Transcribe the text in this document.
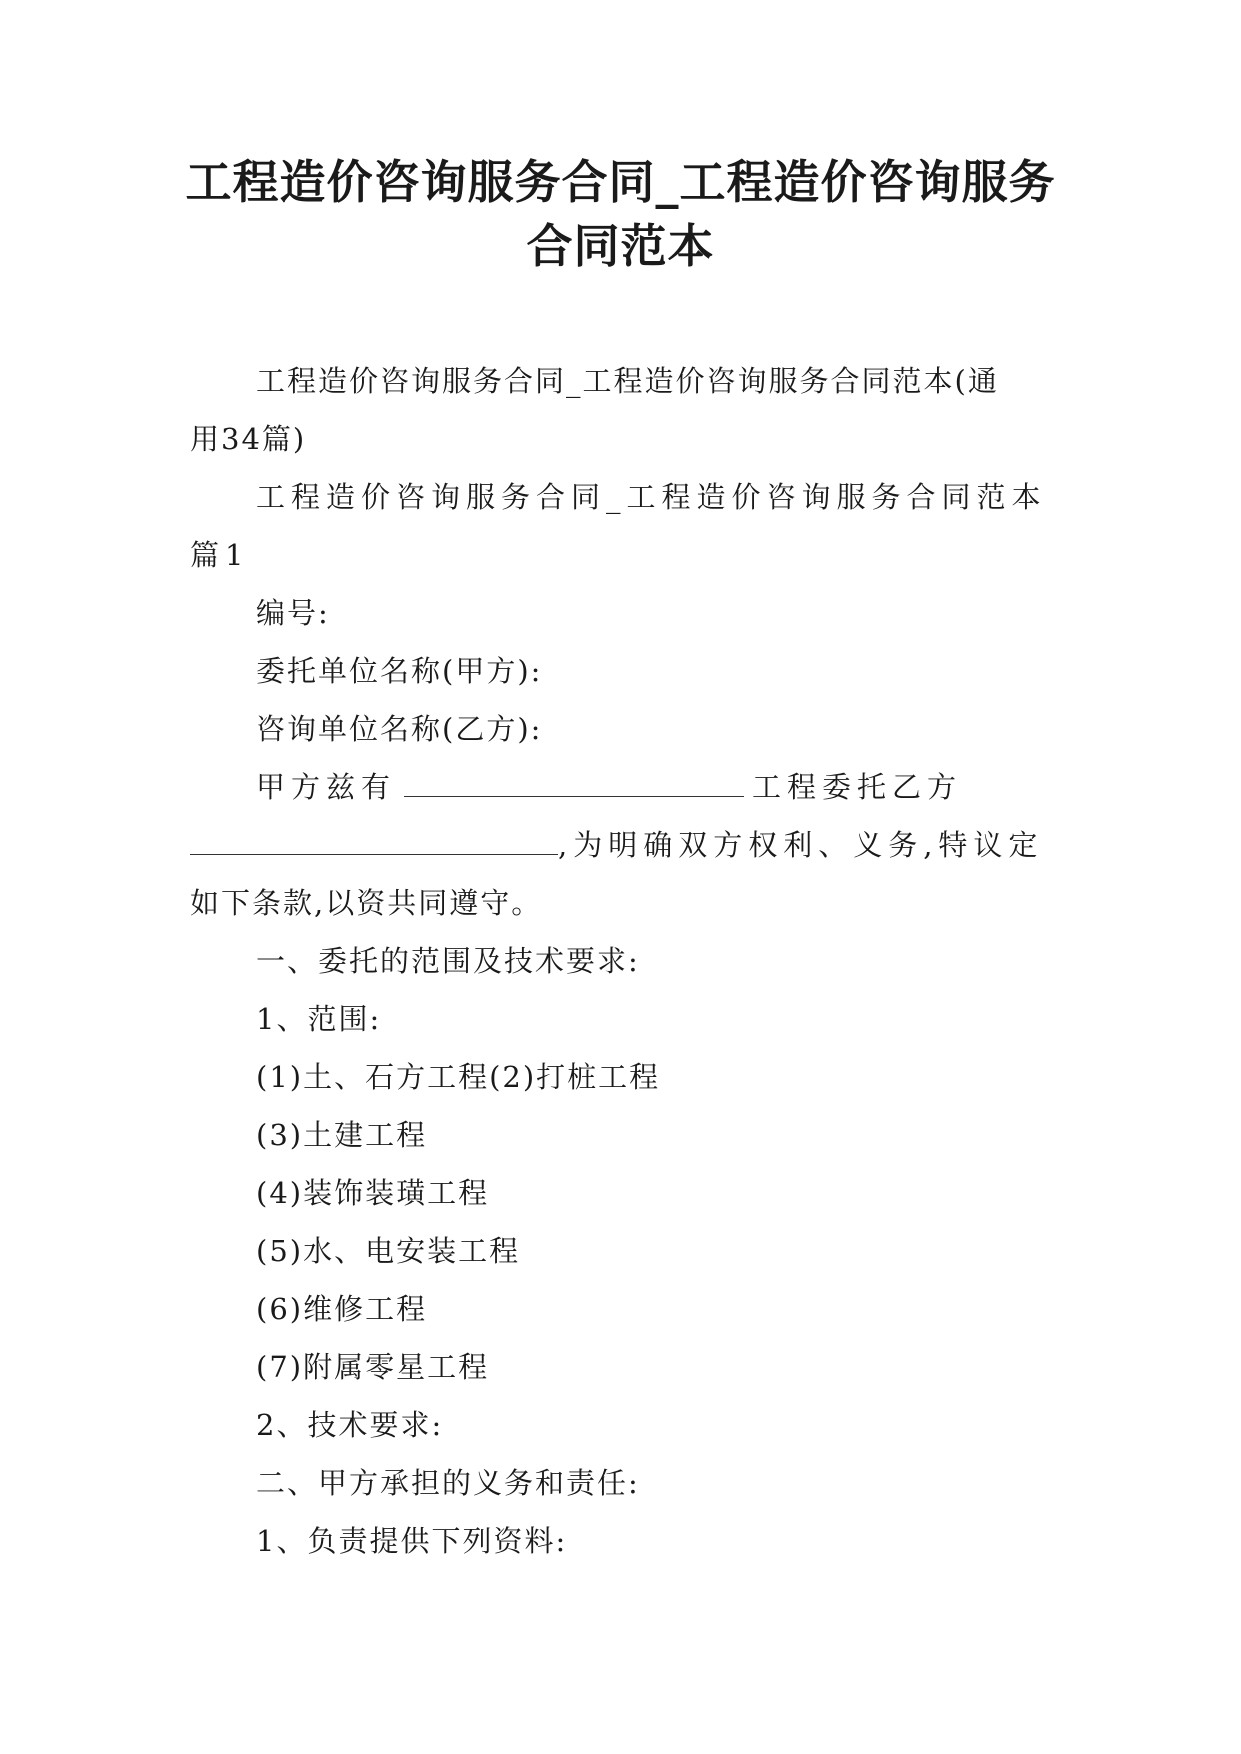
工程造价咨询服务合同_工程造价咨询服务
合同范本

工程造价咨询服务合同_工程造价咨询服务合同范本(通
用34篇)

工程造价咨询服务合同_工程造价咨询服务合同范本
篇1

编号:

委托单位名称(甲方):

咨询单位名称(乙方):

甲方兹有	工程委托乙方
,为明确双方权利、义务,特议定
如下条款,以资共同遵守。

一、委托的范围及技术要求:

1、范围:

(1)土、石方工程(2)打桩工程

(3)土建工程

(4)装饰装璜工程

(5)水、电安装工程

(6)维修工程

(7)附属零星工程

2、技术要求:

二、甲方承担的义务和责任:

1、负责提供下列资料:
